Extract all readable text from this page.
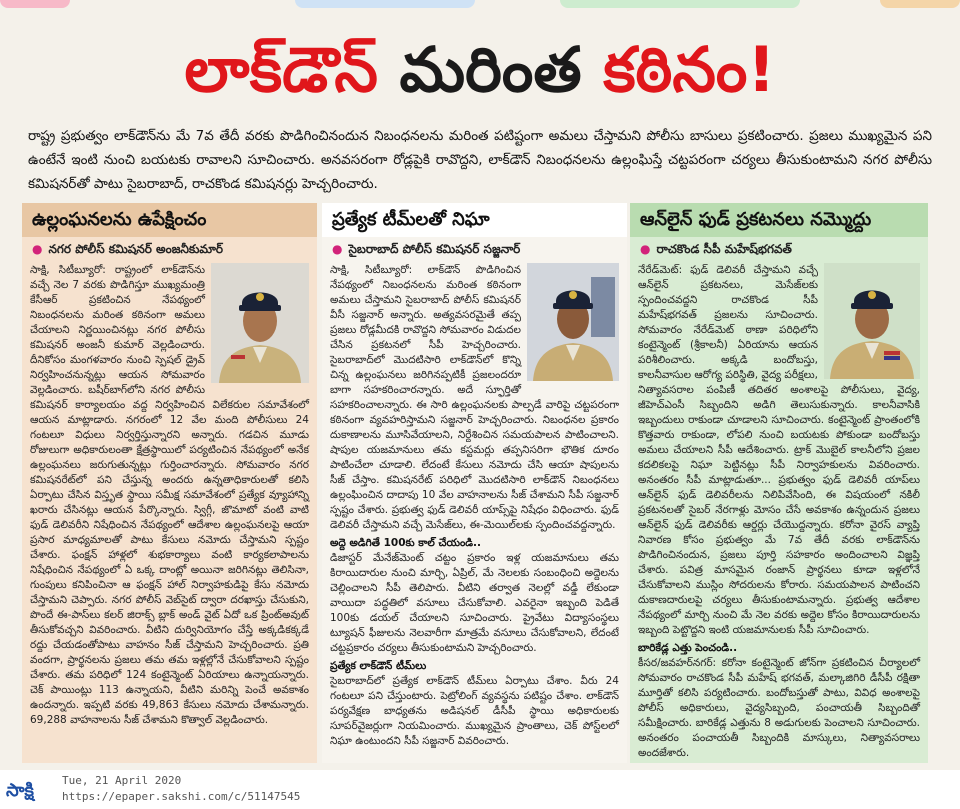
లాక్‌డౌన్ మరింత కఠినం!
రాష్ట్ర ప్రభుత్వం లాక్‌డౌన్‌ను మే 7వ తేదీ వరకు పొడిగించినందున నిబంధనలను మరింత పటిష్టంగా అమలు చేస్తామని పోలీసు బాసులు ప్రకటించారు. ప్రజలు ముఖ్యమైన పని ఉంటేనే ఇంటి నుంచి బయటకు రావాలని సూచించారు. అనవసరంగా రోడ్లపైకి రావొద్దని, లాక్‌డౌన్ నిబంధనలను ఉల్లంఘిస్తే చట్టపరంగా చర్యలు తీసుకుంటామని నగర పోలీసు కమిషనర్‌తో పాటు సైబరాబాద్, రాచకొండ కమిషనర్లు హెచ్చరించారు.
ఉల్లంఘనలను ఉపేక్షించం
● నగర పోలీస్ కమిషనర్ అంజనీకుమార్
సాక్షి, సిటీబ్యూరో: రాష్ట్రంలో లాక్‌డౌన్‌ను వచ్చే నెల 7 వరకు పొడిగిస్తూ ముఖ్యమంత్రి కేసీఆర్ ప్రకటించిన నేపథ్యంలో నిబంధనలను మరింత కఠినంగా అమలు చేయాలని నిర్ణయించినట్లు నగర పోలీసు కమిషనర్ అంజనీ కుమార్ వెల్లడించారు. దీనికోసం మంగళవారం నుంచి స్పెషల్ డ్రైవ్ నిర్వహించనున్నట్లు ఆయన సోమవారం వెల్లడించారు. బషీర్‌బాగ్‌లోని నగర పోలీసు కమిషనర్ కార్యాలయం వద్ద నిర్వహించిన విలేకరుల సమావేశంలో ఆయన మాట్లాడారు. నగరంలో 12 వేల మంది పోలీసులు 24 గంటలూ విధులు నిర్వర్తిస్తున్నారని అన్నారు. గడచిన మూడు రోజులుగా అధికారులంతా క్షేత్రస్థాయిలో పర్యటించిన నేపథ్యంలో అనేక ఉల్లంఘనలు జరుగుతున్నట్లు గుర్తించారన్నారు. సోమవారం నగర కమిషనరేట్‌లో పని చేస్తున్న అందరు ఉన్నతాధికారులతో కలిసి ఏర్పాటు చేసిన విస్తృత స్థాయి సమీక్ష సమావేశంలో ప్రత్యేక వ్యూహాన్ని ఖరారు చేసినట్లు ఆయన పేర్కొన్నారు. స్విగ్గీ, జొమాటో వంటి వాటి ఫుడ్ డెలివరీని నిషేధించిన నేపథ్యంలో ఆదేశాల ఉల్లంఘనలపై ఆయా ప్రసార మాధ్యమాలతో పాటు కేసులు నమోదు చేస్తామని స్పష్టం చేశారు. ఫంక్షన్ హాళ్లలో శుభకార్యాలు వంటి కార్యకలాపాలను నిషేధించిన నేపథ్యంలో ఏ ఒక్క దాంట్లో అయినా జరిగినట్లు తెలిసినా, గుంపులు కనిపించినా ఆ ఫంక్షన్ హాల్ నిర్వాహకుడిపై కేసు నమోదు చేస్తామని చెప్పారు. నగర పోలీస్ వెబ్‌సైట్ ద్వారా దరఖాస్తు చేసుకుని, పొందే ఈ-పాస్‌లు కలర్ జిరాక్స్ బ్లాక్ అండ్ వైట్ ఏదో ఒక ప్రింట్‌అవుట్ తీసుకోవచ్చని వివరించారు. వీటిని దుర్వినియోగం చేస్తే అక్కడికక్కడే రద్దు చేయడంతోపాటు వాహనం సీజ్ చేస్తామని హెచ్చరించారు. ప్రతి వందగా, ప్రార్థనలను ప్రజలు తమ తమ ఇళ్లల్లోనే చేసుకోవాలని స్పష్టం చేశారు. తమ పరిధిలో 124 కంటైన్మెంట్ ఏరియాలు ఉన్నాయన్నారు. చెక్ పాయింట్లు 113 ఉన్నాయని, వీటిని మరిన్ని పెంచే అవకాశం ఉందన్నారు. ఇప్పటి వరకు 49,863 కేసులు నమోదు చేశామన్నారు. 69,288 వాహనాలను సీజ్ చేశామని కొత్వాల్ వెల్లడించారు.
ప్రత్యేక టీమ్‌లతో నిఘా
● సైబరాబాద్ పోలీస్ కమిషనర్ సజ్జనార్
సాక్షి, సిటీబ్యూరో: లాక్‌డౌన్ పొడిగించిన నేపథ్యంలో నిబంధనలను మరింత కఠినంగా అమలు చేస్తామని సైబరాబాద్ పోలీస్ కమిషనర్ వీసీ సజ్జనార్ అన్నారు. అత్యవసరమైతే తప్ప ప్రజలు రోడ్లమీదకి రావొద్దని సోమవారం విడుదల చేసిన ప్రకటనలో సీపీ హెచ్చరించారు. సైబరాబాద్‌లో మొదటిసారి లాక్‌డౌన్‌లో కొన్ని చిన్న ఉల్లంఘనలు జరిగినప్పటికీ ప్రజలందరూ బాగా సహకరించారన్నారు. అదే స్ఫూర్తితో సహకరించాలన్నారు. ఈ సారి ఉల్లంఘనలకు పాల్పడే వారిపై చట్టపరంగా కఠినంగా వ్యవహరిస్తామని సజ్జనార్ హెచ్చరించారు. నిబంధనల ప్రకారం దుకాణాలను మూసివేయాలని, నిర్దేశించిన సమయపాలన పాటించాలని. షాపుల యజమానులు తమ కస్టమర్లు తప్పనిసరిగా భౌతిక దూరం పాటించేలా చూడాలి. లేదంటే కేసులు నమోదు చేసి ఆయా షాపులను సీజ్ చేస్తాం. కమిషనరేట్ పరిధిలో మొదటిసారి లాక్‌డౌన్ నిబంధనలు ఉల్లంఘించిన దాదాపు 10 వేల వాహనాలను సీజ్ చేశామని సీపీ సజ్జనార్ స్పష్టం చేశారు. ప్రభుత్వ ఫుడ్ డెలివరీ యాప్స్‌పై నిషేధం విధించారు. ఫుడ్ డెలివరీ చేస్తామని వచ్చే మెసేజ్‌లు, ఈ-మెయిల్‌లకు స్పందించవద్దన్నారు.
అద్దె అడిగితే 100కు కాల్ చేయండి..
డిజాస్టర్ మేనేజ్‌మెంట్ చట్టం ప్రకారం ఇళ్ల యజమానులు తమ కిరాయిదారుల నుంచి మార్చి, ఏప్రిల్, మే నెలలకు సంబంధించి అద్దెలను చెల్లించాలని సీపీ తెలిపారు. వీటిని తర్వాత నెలల్లో వడ్డీ లేకుండా వాయిదా పద్ధతిలో వసూలు చేసుకోవాలి. ఎవరైనా ఇబ్బంది పెడితే 100కు డయల్ చేయాలని సూచించారు. ప్రైవేటు విద్యాసంస్థలు ట్యూషన్ ఫీజులను నెలవారీగా మాత్రమే వసూలు చేసుకోవాలని, లేదంటే చట్టప్రకారం చర్యలు తీసుకుంటామని హెచ్చరించారు.
ప్రత్యేక లాక్‌డౌన్ టీమ్‌లు
సైబరాబాద్‌లో ప్రత్యేక లాక్‌డౌన్ టీమ్‌లు ఏర్పాటు చేశాం. వీరు 24 గంటలూ పని చేస్తుంటారు. పెట్రోలింగ్ వ్యవస్థను పటిష్టం చేశాం. లాక్‌డౌన్ పర్యవేక్షణ బాధ్యతను అడిషనల్ డీసీపీ స్థాయి అధికారులకు సూపర్‌వైజర్లుగా నియమించారు. ముఖ్యమైన ప్రాంతాలు, చెక్ పోస్ట్‌లలో నిఘా ఉంటుందని సీపీ సజ్జనార్ వివరించారు.
ఆన్‌లైన్ ఫుడ్ ప్రకటనలు నమ్మొద్దు
● రాచకొండ సీపీ మహేష్‌భగవత్
నేరేడ్‌మెట్: ఫుడ్ డెలివరీ చేస్తామని వచ్చే ఆన్‌లైన్ ప్రకటనలు, మెసేజ్‌లకు స్పందించవద్దని రాచకొండ సీపీ మహేష్‌భగవత్ ప్రజలను సూచించారు. సోమవారం నేరేడ్‌మెట్ ఠాణా పరిధిలోని కంటైన్మెంట్ (శ్రీకాలనీ) ఏరియాను ఆయన పరిశీలించారు. అక్కడి బందోబస్తు, కాలనీవాసుల ఆరోగ్య పరిస్థితి, వైద్య పరీక్షలు, నిత్యావసరాల పంపిణీ తదితర అంశాలపై పోలీసులు, వైద్య, జీహెచ్‌ఎంసీ సిబ్బందిని అడిగి తెలుసుకున్నారు. కాలనీవాసికి ఇబ్బందులు రాకుండా చూడాలని సూచించారు. కంటైన్మెంట్ ప్రాంతంలోకి కొత్తవారు రాకుండా, లోపలి నుంచి బయటకు పోకుండా బందోబస్తు అమలు చేయాలని సీపీ ఆదేశించారు. ట్రాక్ మొబైల్ కాలనీలోని ప్రజల కదలికలపై నిఘా పెట్టినట్లు సీపీ నిర్వాహకులను వివరించారు. అనంతరం సీపీ మాట్లాడుతూ... ప్రభుత్వం ఫుడ్ డెలివరీ యాప్‌లు ఆన్‌లైన్ ఫుడ్ డెలివరీలను నిలిపివేసింది, ఈ విషయంలో నకిలీ ప్రకటనలతో సైబర్ నేరగాళ్లు మోసం చేసే అవకాశం ఉన్నందున ప్రజలు ఆన్‌లైన్ ఫుడ్ డెలివరీకు ఆర్డర్లు చేయొద్దన్నారు. కరోనా వైరస్ వ్యాప్తి నివారణ కోసం ప్రభుత్వం మే 7వ తేదీ వరకు లాక్‌డౌన్‌ను పొడిగించినందున, ప్రజలు పూర్తి సహకారం అందించాలని విజ్ఞప్తి చేశారు. పవిత్ర మాసమైన రంజాన్ ప్రార్థనలు కూడా ఇళ్లలోనే చేసుకోవాలని ముస్లిం సోదరులను కోరారు. సమయపాలన పాటించని దుకాణదారులపై చర్యలు తీసుకుంటామన్నారు. ప్రభుత్వ ఆదేశాల నేపథ్యంలో మార్చి నుంచి మే నెల వరకు అద్దెల కోసం కిరాయిదారులను ఇబ్బంది పెట్టొద్దని ఇంటి యజమానులకు సీపీ సూచించారు.
బారికేడ్ల ఎత్తు పెంచండి..
కీసర/జవహర్‌నగర్: కరోనా కంటైన్మెంట్ జోన్‌గా ప్రకటించిన చీర్యాలలో సోమవారం రాచకొండ సీపీ మహేష్ భగవత్, మల్కాజిగిరి డీసీపీ రక్షితా మూర్తితో కలిసి పర్యటించారు. బందోబస్తుతో పాటు, వివిధ అంశాలపై పోలీస్ అధికారులు, వైద్యసిబ్బంది, పంచాయతీ సిబ్బందితో సమీక్షించారు. బారికేడ్ల ఎత్తును 8 అడుగులకు పెంచాలని సూచించారు. అనంతరం పంచాయతీ సిబ్బందికి మాస్కులు, నిత్యావసరాలు అందజేశారు.
సాక్షి	Tue, 21 April 2020
https://epaper.sakshi.com/c/51147545
